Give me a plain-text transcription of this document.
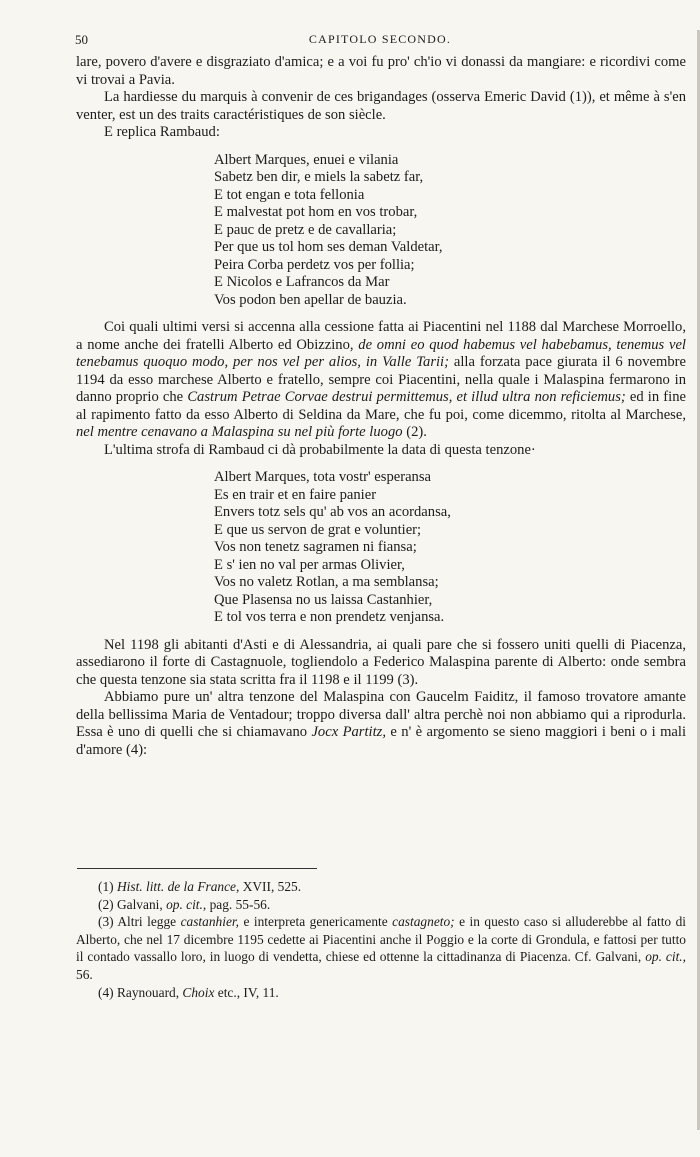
50	CAPITOLO SECONDO.

lare, povero d'avere e disgraziato d'amica; e a voi fu pro' ch'io vi donassi da mangiare: e ricordivi come vi trovai a Pavia.

La hardiesse du marquis à convenir de ces brigandages (osserva Emeric David (1)), et même à s'en venter, est un des traits caractéristiques de son siècle.

E replica Rambaud:

Albert Marques, enuei e vilania
Sabetz ben dir, e miels la sabetz far,
E tot engan e tota fellonia
E malvestat pot hom en vos trobar,
E pauc de pretz e de cavallaria;
Per que us tol hom ses deman Valdetar,
Peira Corba perdetz vos per follia;
E Nicolos e Lafrancos da Mar
Vos podon ben apellar de bauzia.

Coi quali ultimi versi si accenna alla cessione fatta ai Piacentini nel 1188 dal Marchese Morroello, a nome anche dei fratelli Alberto ed Obizzino, de omni eo quod habemus vel habebamus, tenemus vel tenebamus quoquo modo, per nos vel per alios, in Valle Tarii; alla forzata pace giurata il 6 novembre 1194 da esso marchese Alberto e fratello, sempre coi Piacentini, nella quale i Malaspina fermarono in danno proprio che Castrum Petrae Corvae destrui permittemus, et illud ultra non reficiemus; ed in fine al rapimento fatto da esso Alberto di Seldina da Mare, che fu poi, come dicemmo, ritolta al Marchese, nel mentre cenavano a Malaspina su nel più forte luogo (2).

L'ultima strofa di Rambaud ci dà probabilmente la data di questa tenzone·

Albert Marques, tota vostr' esperansa
Es en trair et en faire panier
Envers totz sels qu' ab vos an acordansa,
E que us servon de grat e voluntier;
Vos non tenetz sagramen ni fiansa;
E s' ien no val per armas Olivier,
Vos no valetz Rotlan, a ma semblansa;
Que Plasensa no us laissa Castanhier,
E tol vos terra e non prendetz venjansa.

Nel 1198 gli abitanti d'Asti e di Alessandria, ai quali pare che si fossero uniti quelli di Piacenza, assediarono il forte di Castagnuole, togliendolo a Federico Malaspina parente di Alberto: onde sembra che questa tenzone sia stata scritta fra il 1198 e il 1199 (3).

Abbiamo pure un' altra tenzone del Malaspina con Gaucelm Faiditz, il famoso trovatore amante della bellissima Maria de Ventadour; troppo diversa dall' altra perchè noi non abbiamo qui a riprodurla. Essa è uno di quelli che si chiamavano Jocx Partitz, e n' è argomento se sieno maggiori i beni o i mali d'amore (4):

(1) Hist. litt. de la France, XVII, 525.

(2) Galvani, op. cit., pag. 55-56.

(3) Altri legge castanhier, e interpreta genericamente castagneto; e in questo caso si alluderebbe al fatto di Alberto, che nel 17 dicembre 1195 cedette ai Piacentini anche il Poggio e la corte di Grondula, e fattosi per tutto il contado vassallo loro, in luogo di vendetta, chiese ed ottenne la cittadinanza di Piacenza. Cf. Galvani, op. cit., 56.

(4) Raynouard, Choix etc., IV, 11.
